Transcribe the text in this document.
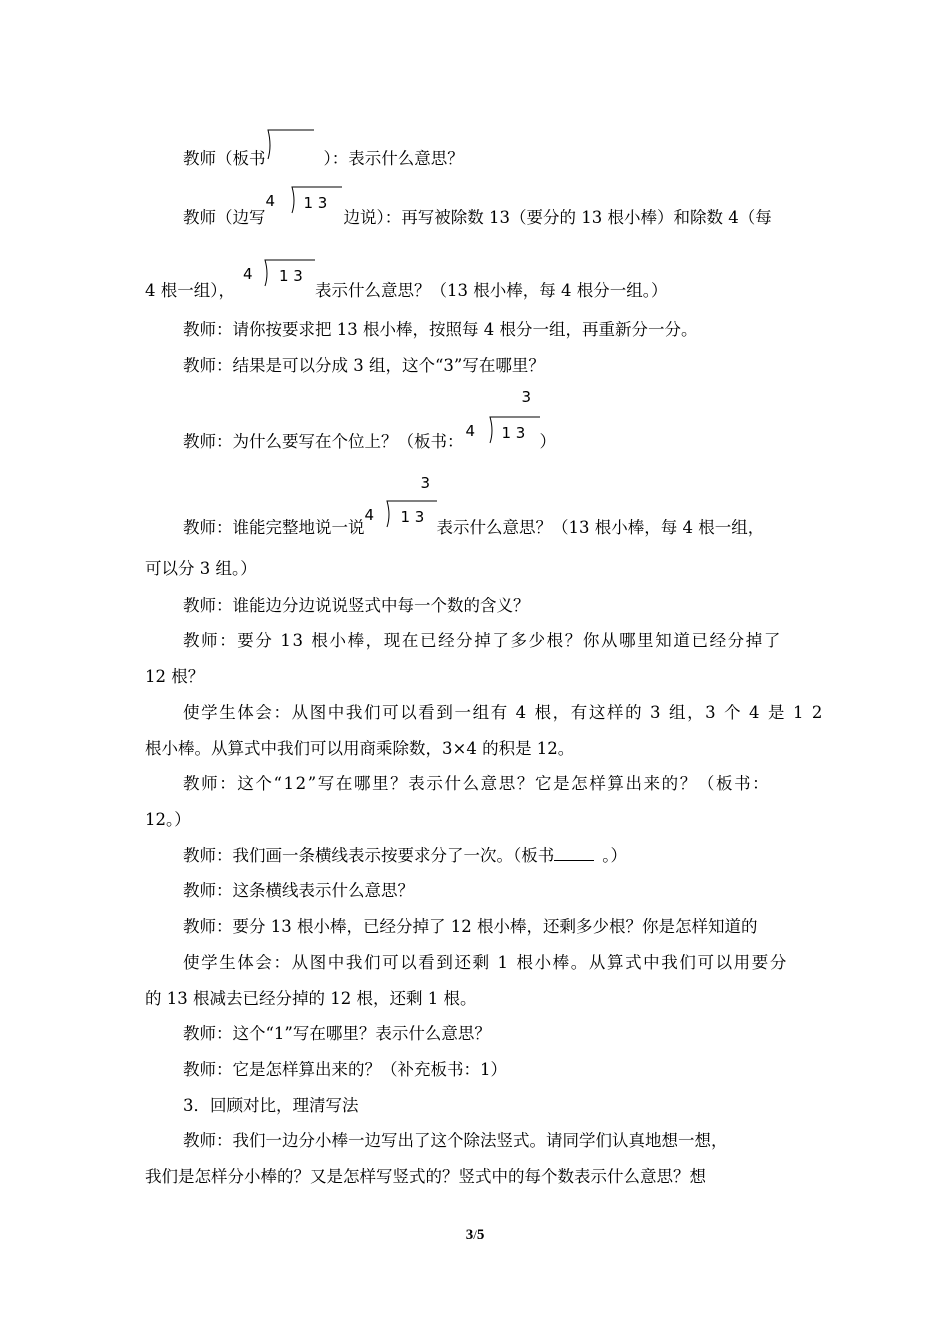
教师（板书	）：表示什么意思？
教师（边写
4 1 3
边说）：再写被除数 13（要分的 13 根小棒）和除数 4（每
4 根一组），
4 1 3
表示什么意思？（13 根小棒，每 4 根分一组。）
教师：请你按要求把 13 根小棒，按照每 4 根分一组，再重新分一分。
教师：结果是可以分成 3 组，这个“3”写在哪里？
教师：为什么要写在个位上？（板书：
3
4 1 3 ）
教师：谁能完整地说一说
3
4 1 3
表示什么意思？（13 根小棒，每 4 根一组，
可以分 3 组。）
教师：谁能边分边说说竖式中每一个数的含义？
教师：要分 13 根小棒，现在已经分掉了多少根？你从哪里知道已经分掉了
12 根？
使学生体会：从图中我们可以看到一组有 4 根，有这样的 3 组，3 个 4 是 1 2
根小棒。从算式中我们可以用商乘除数，3×4 的积是 12。
教师：这个“12”写在哪里？表示什么意思？它是怎样算出来的？（板书：
12。）
教师：我们画一条横线表示按要求分了一次。（板书	。）
教师：这条横线表示什么意思？
教师：要分 13 根小棒，已经分掉了 12 根小棒，还剩多少根？你是怎样知道的
使学生体会：从图中我们可以看到还剩 1 根小棒。从算式中我们可以用要分
的 13 根减去已经分掉的 12 根，还剩 1 根。
教师：这个“1”写在哪里？表示什么意思？
教师：它是怎样算出来的？（补充板书：1）
3．回顾对比，理清写法
教师：我们一边分小棒一边写出了这个除法竖式。请同学们认真地想一想，
我们是怎样分小棒的？又是怎样写竖式的？竖式中的每个数表示什么意思？想
3/5
